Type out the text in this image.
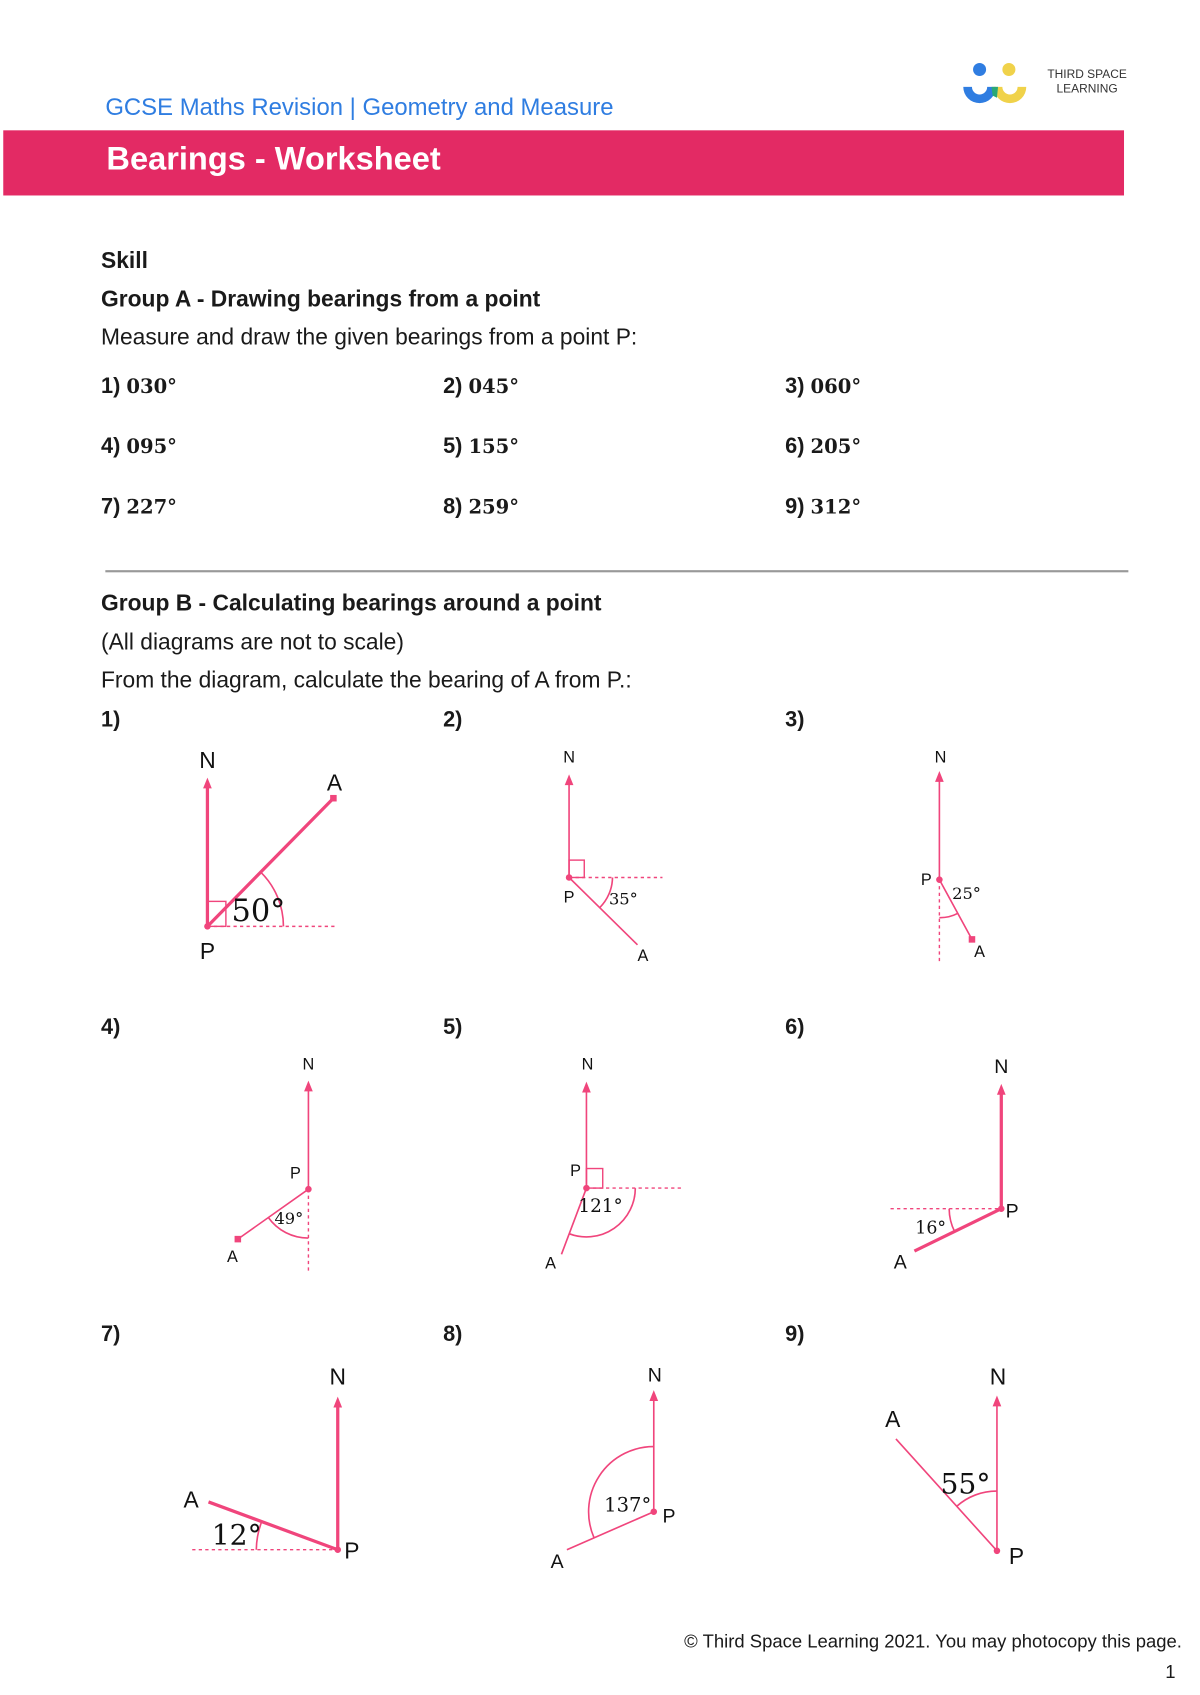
GCSE Maths Revision | Geometry and Measure
THIRD SPACE LEARNING
Bearings - Worksheet
Skill
Group A - Drawing bearings from a point
Measure and draw the given bearings from a point P:
1) 030°	2) 045°	3) 060°
4) 095°	5) 155°	6) 205°
7) 227°	8) 259°	9) 312°
Group B - Calculating bearings around a point
(All diagrams are not to scale)
From the diagram, calculate the bearing of A from P.:
1)	2)	3)
4)	5)	6)
7)	8)	9)
N
P
A
50°
N
P
A
35°
N
P
A
25°
N
P
A
49°
N
P
A
121°
N
P
A
16°
N
P
A
12°
N
P
A
137°
N
P
A
55°
© Third Space Learning 2021. You may photocopy this page.
1
